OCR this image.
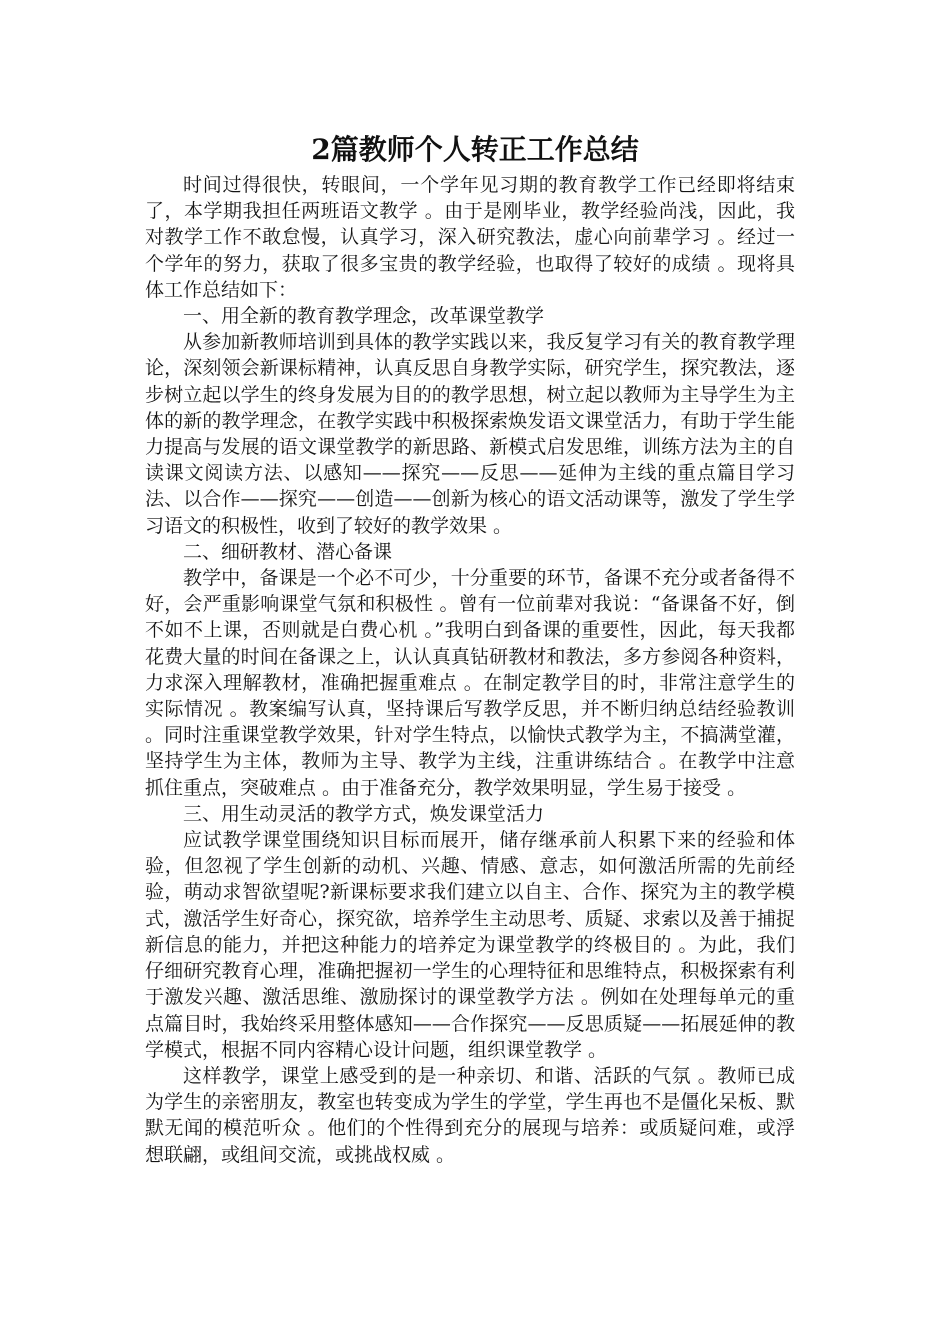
2篇教师个人转正工作总结

时间过得很快，转眼间，一个学年见习期的教育教学工作已经即将结束了，本学期我担任两班语文教学 。由于是刚毕业，教学经验尚浅，因此，我对教学工作不敢怠慢，认真学习，深入研究教法，虚心向前辈学习 。经过一个学年的努力，获取了很多宝贵的教学经验，也取得了较好的成绩 。现将具体工作总结如下：

一、用全新的教育教学理念，改革课堂教学

从参加新教师培训到具体的教学实践以来，我反复学习有关的教育教学理论，深刻领会新课标精神，认真反思自身教学实际，研究学生，探究教法，逐步树立起以学生的终身发展为目的的教学思想，树立起以教师为主导学生为主体的新的教学理念，在教学实践中积极探索焕发语文课堂活力，有助于学生能力提高与发展的语文课堂教学的新思路、新模式启发思维，训练方法为主的自读课文阅读方法、以感知——探究——反思——延伸为主线的重点篇目学习法、以合作——探究——创造——创新为核心的语文活动课等，激发了学生学习语文的积极性，收到了较好的教学效果 。

二、细研教材、潜心备课

教学中，备课是一个必不可少，十分重要的环节，备课不充分或者备得不好，会严重影响课堂气氛和积极性 。曾有一位前辈对我说：“备课备不好，倒不如不上课，否则就是白费心机 。”我明白到备课的重要性，因此，每天我都花费大量的时间在备课之上，认认真真钻研教材和教法，多方参阅各种资料，力求深入理解教材，准确把握重难点 。在制定教学目的时，非常注意学生的实际情况 。教案编写认真，坚持课后写教学反思，并不断归纳总结经验教训 。同时注重课堂教学效果，针对学生特点，以愉快式教学为主，不搞满堂灌，坚持学生为主体，教师为主导、教学为主线，注重讲练结合 。在教学中注意抓住重点，突破难点 。由于准备充分，教学效果明显，学生易于接受 。

三、用生动灵活的教学方式，焕发课堂活力

应试教学课堂围绕知识目标而展开，储存继承前人积累下来的经验和体验，但忽视了学生创新的动机、兴趣、情感、意志，如何激活所需的先前经验，萌动求智欲望呢?新课标要求我们建立以自主、合作、探究为主的教学模式，激活学生好奇心，探究欲，培养学生主动思考、质疑、求索以及善于捕捉新信息的能力，并把这种能力的培养定为课堂教学的终极目的 。为此，我们仔细研究教育心理，准确把握初一学生的心理特征和思维特点，积极探索有利于激发兴趣、激活思维、激励探讨的课堂教学方法 。例如在处理每单元的重点篇目时，我始终采用整体感知——合作探究——反思质疑——拓展延伸的教学模式，根据不同内容精心设计问题，组织课堂教学 。

这样教学，课堂上感受到的是一种亲切、和谐、活跃的气氛 。教师已成为学生的亲密朋友，教室也转变成为学生的学堂，学生再也不是僵化呆板、默默无闻的模范听众 。他们的个性得到充分的展现与培养：或质疑问难，或浮想联翩，或组间交流，或挑战权威 。
